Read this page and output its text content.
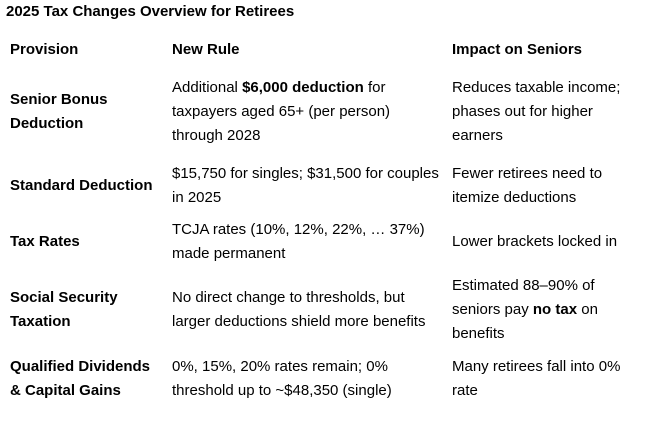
2025 Tax Changes Overview for Retirees
Provision	New Rule	Impact on Seniors
Senior Bonus Deduction
Additional $6,000 deduction for taxpayers aged 65+ (per person) through 2028
Reduces taxable income; phases out for higher earners
Standard Deduction
$15,750 for singles; $31,500 for couples in 2025
Fewer retirees need to itemize deductions
Tax Rates
TCJA rates (10%, 12%, 22%, … 37%) made permanent
Lower brackets locked in
Social Security Taxation
No direct change to thresholds, but larger deductions shield more benefits
Estimated 88–90% of seniors pay no tax on benefits
Qualified Dividends & Capital Gains
0%, 15%, 20% rates remain; 0% threshold up to ~$48,350 (single)
Many retirees fall into 0% rate
